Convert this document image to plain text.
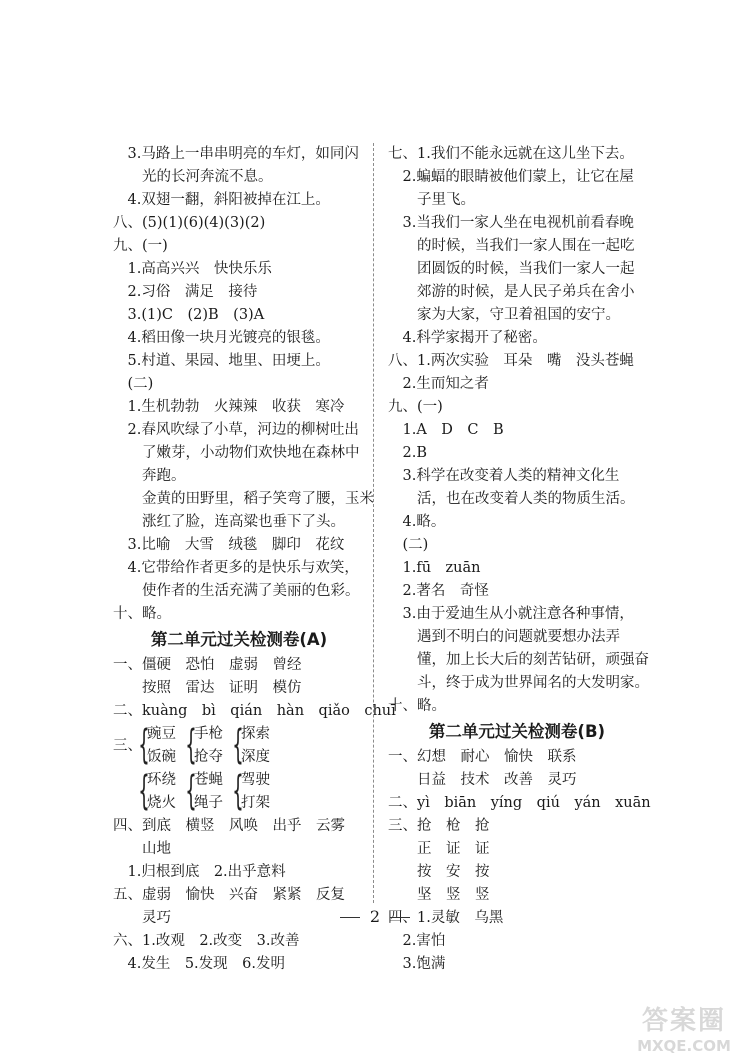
　3.马路上一串串明亮的车灯，如同闪
　　光的长河奔流不息。
　4.双翅一翻，斜阳被掉在江上。
八、(5)(1)(6)(4)(3)(2)
九、(一)
　1.高高兴兴　快快乐乐
　2.习俗　满足　接待
　3.(1)C　(2)B　(3)A
　4.稻田像一块月光镀亮的银毯。
　5.村道、果园、地里、田埂上。
　(二)
　1.生机勃勃　火辣辣　收获　寒冷
　2.春风吹绿了小草，河边的柳树吐出
　　了嫩芽，小动物们欢快地在森林中
　　奔跑。
　　金黄的田野里，稻子笑弯了腰，玉米
　　涨红了脸，连高粱也垂下了头。
　3.比喻　大雪　绒毯　脚印　花纹
　4.它带给作者更多的是快乐与欢笑，
　　使作者的生活充满了美丽的色彩。
十、略。
第二单元过关检测卷(A)
一、僵硬　恐怕　虚弱　曾经
　　按照　雷达　证明　模仿
二、kuàng　bì　qián　hàn　qiǎo　chuī
三、
{
豌豆
饭碗 {
手枪
抢夺 {
探索
深度
{
环绕
烧火 {
苍蝇
绳子 {
驾驶
打架
四、到底　横竖　风唤　出乎　云雾
　　山地
　1.归根到底　2.出乎意料
五、虚弱　愉快　兴奋　紧紧　反复
　　灵巧
六、1.改观　2.改变　3.改善
　4.发生　5.发现　6.发明
七、1.我们不能永远就在这儿坐下去。
　2.蝙蝠的眼睛被他们蒙上，让它在屋
　　子里飞。
　3.当我们一家人坐在电视机前看春晚
　　的时候，当我们一家人围在一起吃
　　团圆饭的时候，当我们一家人一起
　　郊游的时候，是人民子弟兵在舍小
　　家为大家，守卫着祖国的安宁。
　4.科学家揭开了秘密。
八、1.两次实验　耳朵　嘴　没头苍蝇
　2.生而知之者
九、(一)
　1.A　D　C　B
　2.B
　3.科学在改变着人类的精神文化生
　　活，也在改变着人类的物质生活。
　4.略。
　(二)
　1.fū　zuān
　2.著名　奇怪
　3.由于爱迪生从小就注意各种事情，
　　遇到不明白的问题就要想办法弄
　　懂，加上长大后的刻苦钻研，顽强奋
　　斗，终于成为世界闻名的大发明家。
十、略。
第二单元过关检测卷(B)
一、幻想　耐心　愉快　联系
　　日益　技术　改善　灵巧
二、yì　biān　yíng　qiú　yán　xuān
三、抢　枪　抢
　　正　证　证
　　按　安　按
　　坚　竖　竖
四、1.灵敏　乌黑
　2.害怕
　3.饱满
2
答案圈
MXQE.COM
